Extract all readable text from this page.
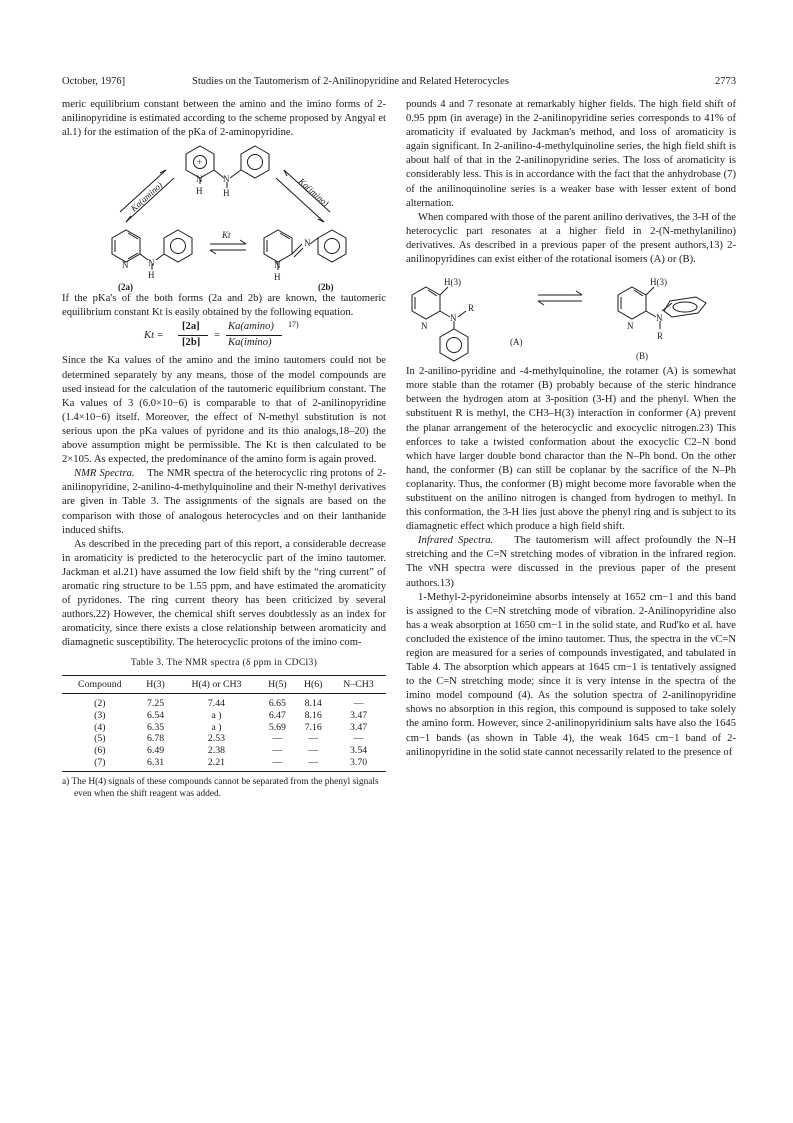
October, 1976]	Studies on the Tautomerism of 2-Anilinopyridine and Related Heterocycles	2773

meric equilibrium constant between the amino and the imino forms of 2-anilinopyridine is estimated according to the scheme proposed by Angyal et al.1) for the estimation of the pKa of 2-aminopyridine.

+
N N
H H
N N
H
N
N
H
Kt
Ka(amino)	Ka(imino)
(2a)	(2b)

If the pKa's of the both forms (2a and 2b) are known, the tautomeric equilibrium constant Kt is easily obtained by the following equation.

Kt =
[2a]
[2b]
=
Ka(amino)
Ka(imino)
17)

Since the Ka values of the amino and the imino tautomers could not be determined separately by any means, those of the model compounds are used instead for the calculation of the tautomeric equilibrium constant. The Ka values of 3 (6.0×10−6) is comparable to that of 2-anilinopyridine (1.4×10−6) itself. Moreover, the effect of N-methyl substitution is not serious upon the pKa values of pyridone and its thio analogs,18–20) the above assumption might be permissible. The Kt is then calculated to be 2×105. As expected, the predominance of the amino form is again proved.

NMR Spectra. The NMR spectra of the heterocyclic ring protons of 2-anilinopyridine, 2-anilino-4-methylquinoline and their N-methyl derivatives are given in Table 3. The assignments of the signals are based on the comparison with those of analogous heterocycles and on their lanthanide induced shifts.

As described in the preceding part of this report, a considerable decrease in aromaticity is predicted to the heterocyclic part of the imino tautomer. Jackman et al.21) have assumed the low field shift by the “ring current” of aromatic ring structure to be 1.55 ppm, and have estimated the aromaticity of pyridones. The ring current theory has been criticized by several authors.22) However, the chemical shift serves doubtlessly as an index for aromaticity, since there exists a close relationship between aromaticity and diamagnetic susceptibility. The heterocyclic protons of the imino com-

Table 3. The NMR spectra (δ ppm in CDCl3)
Compound	H(3)	H(4) or CH3	H(5)	H(6)	N–CH3
(2)	7.25	7.44	6.65	8.14	—
(3)	6.54	a )	6.47	8.16	3.47
(4)	6.35	a )	5.69	7.16	3.47
(5)	6.78	2.53	—	—	—
(6)	6.49	2.38	—	—	3.54
(7)	6.31	2.21	—	—	3.70

a) The H(4) signals of these compounds cannot be separated from the phenyl signals even when the shift reagent was added.

pounds 4 and 7 resonate at remarkably higher fields. The high field shift of 0.95 ppm (in average) in the 2-anilinopyridine series corresponds to 41% of aromaticity if evaluated by Jackman's method, and loss of aromaticity is again significant. In 2-anilino-4-methylquinoline series, the high field shift is about half of that in the 2-anilinopyridine series. The loss of aromaticity is considerably less. This is in accordance with the fact that the anhydrobase (7) of the anilinoquinoline series is a weaker base with lesser extent of bond alternation.

When compared with those of the parent anilino derivatives, the 3-H of the heterocyclic part resonates at a higher field in 2-(N-methylanilino) derivatives. As described in a previous paper of the present authors,13) 2-anilinopyridines can exist either of the rotational isomers (A) or (B).

H(3)
N
N
R
(A)
H(3)
N
N
R
(B)

In 2-anilino-pyridine and -4-methylquinoline, the rotamer (A) is somewhat more stable than the rotamer (B) probably because of the steric hindrance between the hydrogen atom at 3-position (3-H) and the phenyl. When the substituent R is methyl, the CH3–H(3) interaction in conformer (A) prevent the planar arrangement of the heterocyclic and exocyclic nitrogen.23) This enforces to take a twisted conformation about the exocyclic C2–N bond which have larger double bond charactor than the N–Ph bond. On the other hand, the conformer (B) can still be coplanar by the sacrifice of the N–Ph coplanarity. Thus, the conformer (B) might become more favorable when the substituent on the anilino nitrogen is changed from hydrogen to methyl. In this conformation, the 3-H lies just above the phenyl ring and is subject to its diamagnetic effect which produce a high field shift.

Infrared Spectra. The tautomerism will affect profoundly the N–H stretching and the C=N stretching modes of vibration in the infrared region. The νNH spectra were discussed in the previous paper of the present authors.13)

1-Methyl-2-pyridoneimine absorbs intensely at 1652 cm−1 and this band is assigned to the C=N stretching mode of vibration. 2-Anilinopyridine also has a weak absorption at 1650 cm−1 in the solid state, and Rud'ko et al. have concluded the existence of the imino tautomer. Thus, the spectra in the νC=N region are measured for a series of compounds investigated, and tabulated in Table 4. The absorption which appears at 1645 cm−1 is tentatively assigned to the C=N stretching mode; since it is very intense in the spectra of the imino model compound (4). As the solution spectra of 2-anilinopyridine shows no absorption in this region, this compound is supposed to take solely the amino form. However, since 2-anilinopyridinium salts have also the 1645 cm−1 bands (as shown in Table 4), the weak 1645 cm−1 band of 2-anilinopyridine in the solid state cannot necessarily related to the presence of
